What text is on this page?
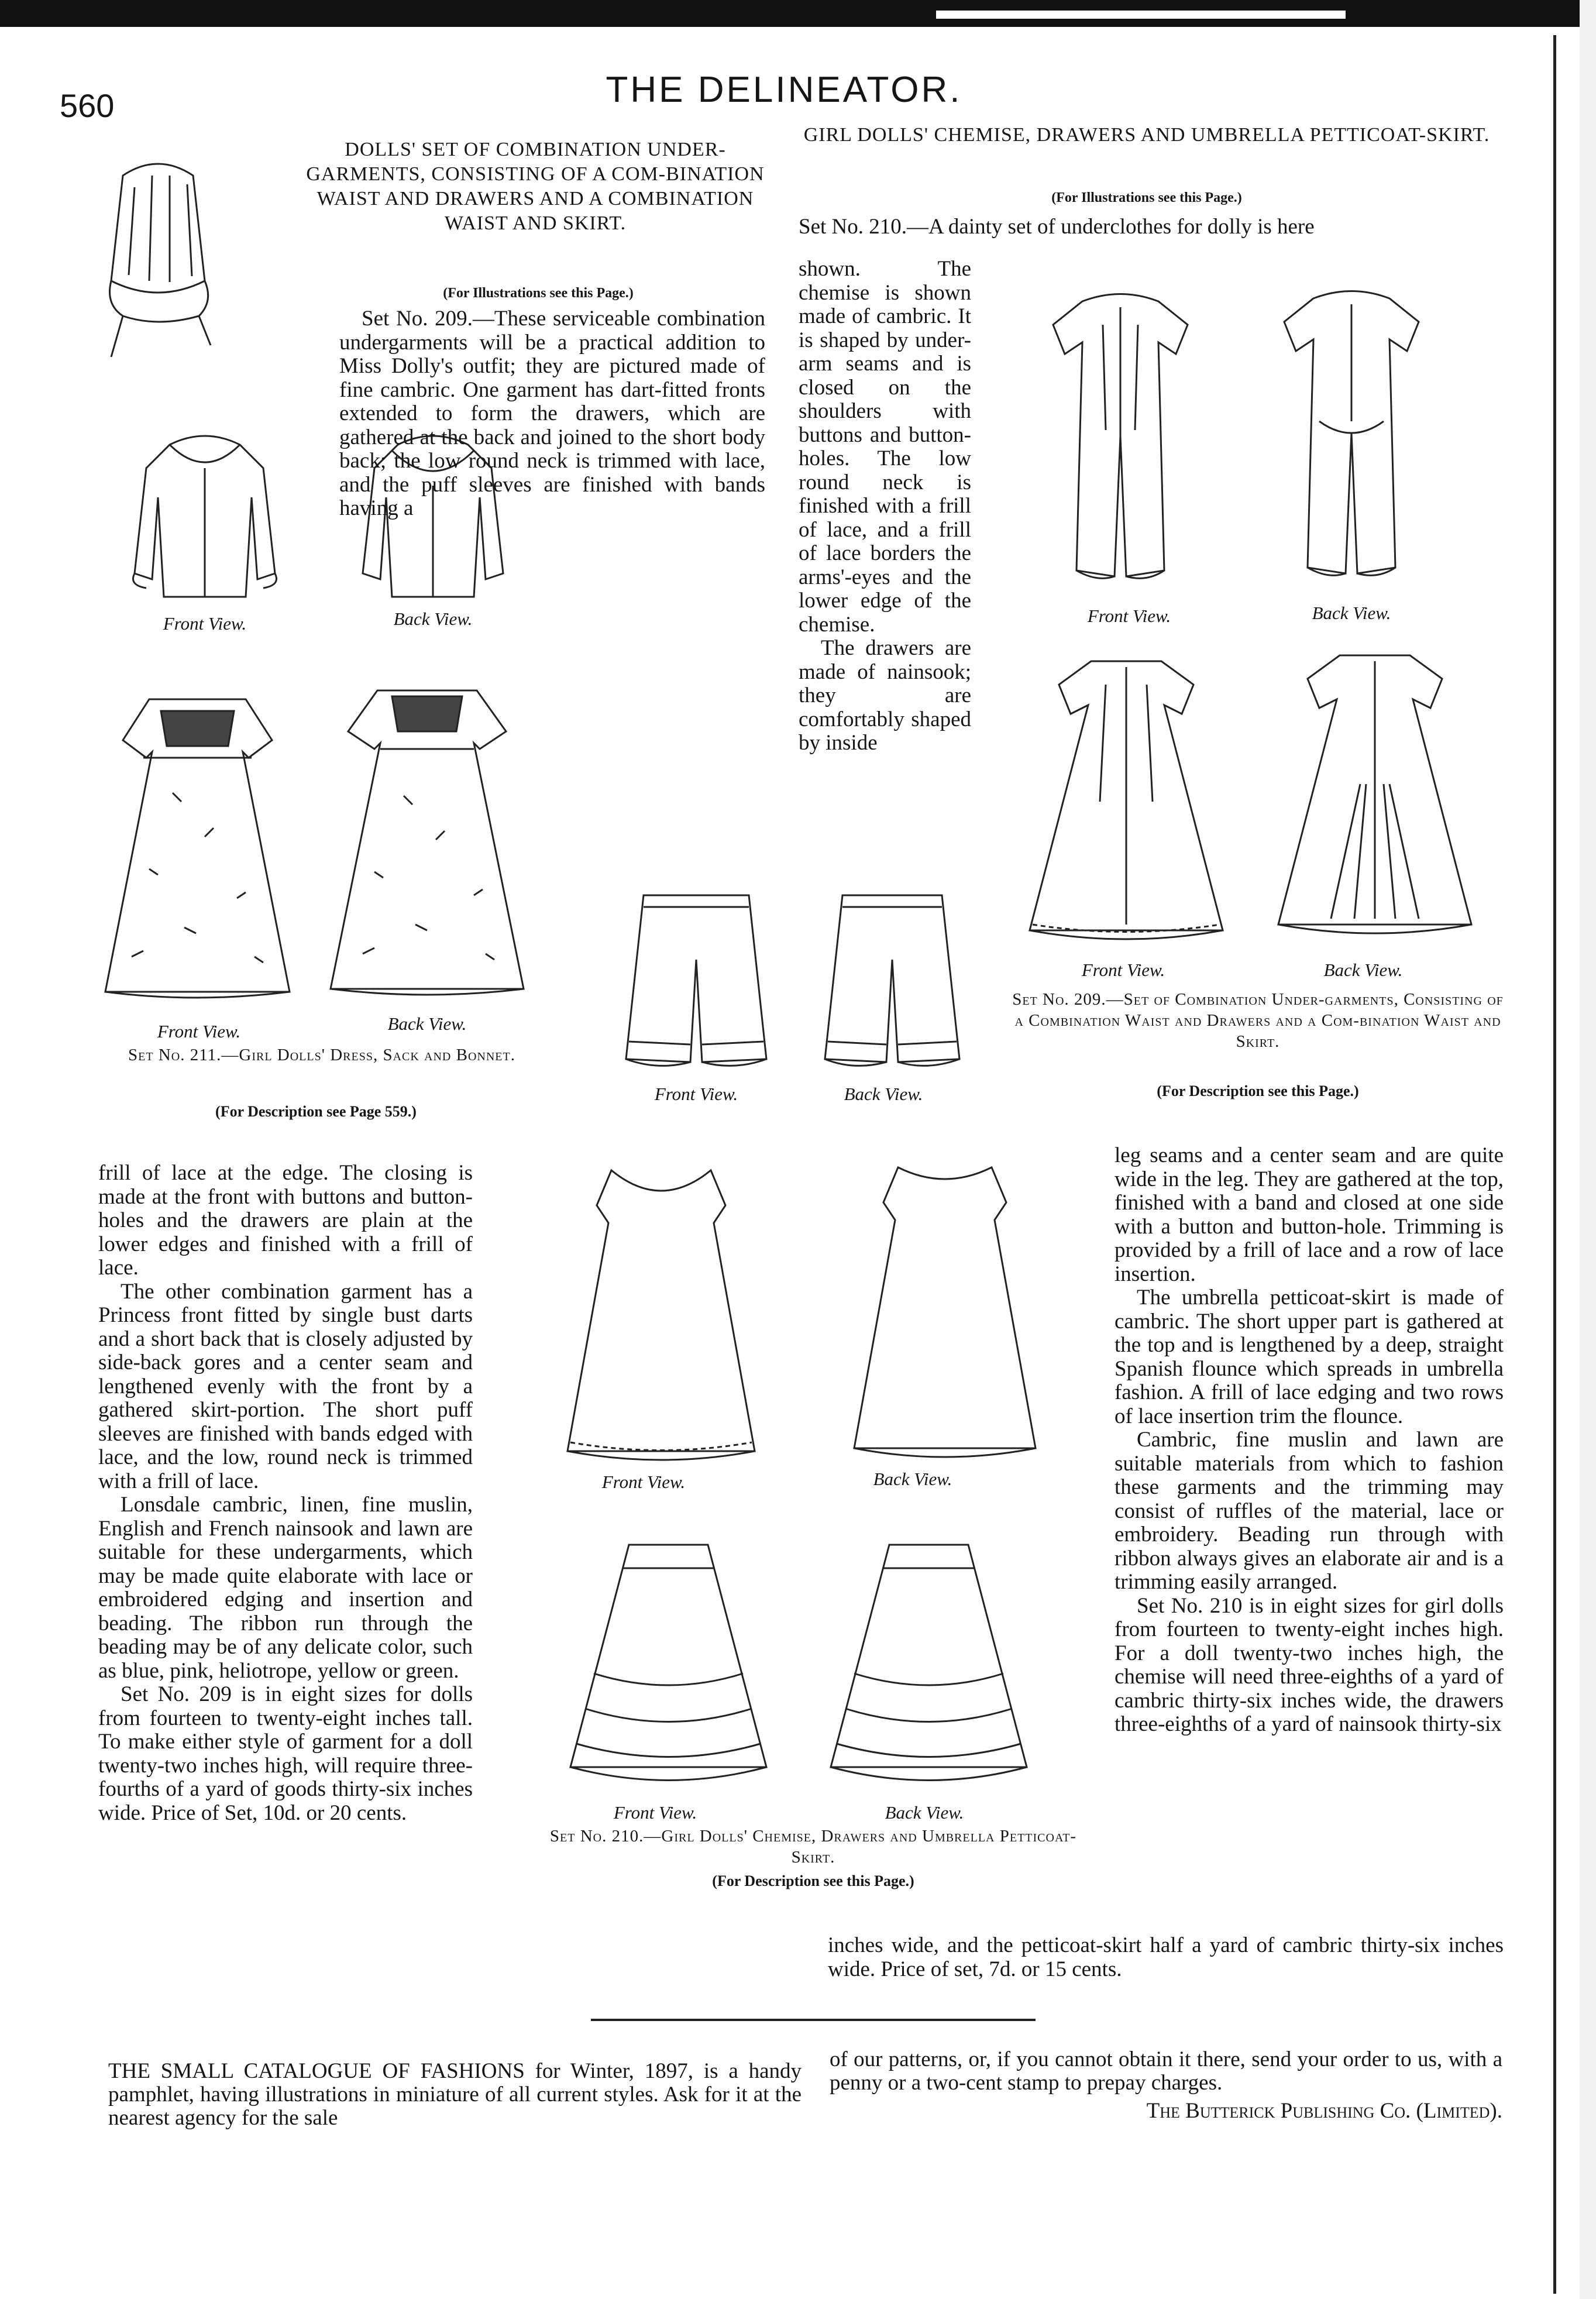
560	THE DELINEATOR.
DOLLS' SET OF COMBINATION UNDER-GARMENTS, CONSISTING OF A COM-BINATION WAIST AND DRAWERS AND A COMBINATION WAIST AND SKIRT.
(For Illustrations see this Page.)
Front View.	Back View.
Front View.	Back View.
Set No. 211.—Girl Dolls' Dress, Sack and Bonnet.
(For Description see Page 559.)

Set No. 209.—These serviceable combination undergarments will be a practical addition to Miss Dolly's outfit; they are pictured made of fine cambric. One garment has dart-fitted fronts extended to form the drawers, which are gathered at the back and joined to the short body back; the low round neck is trimmed with lace, and the puff sleeves are finished with bands having a

GIRL DOLLS' CHEMISE, DRAWERS AND UMBRELLA PETTICOAT-SKIRT.
(For Illustrations see this Page.)
Set No. 210.—A dainty set of underclothes for dolly is here

shown. The chemise is shown made of cambric. It is shaped by under-arm seams and is closed on the shoulders with buttons and button-holes. The low round neck is finished with a frill of lace, and a frill of lace borders the arms'-eyes and the lower edge of the chemise.

The drawers are made of nainsook; they are comfortably shaped by inside

Front View.	Back View.
Front View.	Back View.
Set No. 209.—Set of Combination Under-garments, Consisting of a Combination Waist and Drawers and a Com-bination Waist and Skirt.
(For Description see this Page.)
Front View.	Back View.

frill of lace at the edge. The closing is made at the front with buttons and button-holes and the drawers are plain at the lower edges and finished with a frill of lace.

The other combination garment has a Princess front fitted by single bust darts and a short back that is closely adjusted by side-back gores and a center seam and lengthened evenly with the front by a gathered skirt-portion. The short puff sleeves are finished with bands edged with lace, and the low, round neck is trimmed with a frill of lace.

Lonsdale cambric, linen, fine muslin, English and French nainsook and lawn are suitable for these undergarments, which may be made quite elaborate with lace or embroidered edging and insertion and beading. The ribbon run through the beading may be of any delicate color, such as blue, pink, heliotrope, yellow or green.

Set No. 209 is in eight sizes for dolls from fourteen to twenty-eight inches tall. To make either style of garment for a doll twenty-two inches high, will require three-fourths of a yard of goods thirty-six inches wide. Price of Set, 10d. or 20 cents.

Front View.	Back View.
Front View.	Back View.
Set No. 210.—Girl Dolls' Chemise, Drawers and Umbrella Petticoat-Skirt.
(For Description see this Page.)

leg seams and a center seam and are quite wide in the leg. They are gathered at the top, finished with a band and closed at one side with a button and button-hole. Trimming is provided by a frill of lace and a row of lace insertion.

The umbrella petticoat-skirt is made of cambric. The short upper part is gathered at the top and is lengthened by a deep, straight Spanish flounce which spreads in umbrella fashion. A frill of lace edging and two rows of lace insertion trim the flounce.

Cambric, fine muslin and lawn are suitable materials from which to fashion these garments and the trimming may consist of ruffles of the material, lace or embroidery. Beading run through with ribbon always gives an elaborate air and is a trimming easily arranged.

Set No. 210 is in eight sizes for girl dolls from fourteen to twenty-eight inches high. For a doll twenty-two inches high, the chemise will need three-eighths of a yard of cambric thirty-six inches wide, the drawers three-eighths of a yard of nainsook thirty-six

inches wide, and the petticoat-skirt half a yard of cambric thirty-six inches wide. Price of set, 7d. or 15 cents.
THE SMALL CATALOGUE OF FASHIONS for Winter, 1897, is a handy pamphlet, having illustrations in miniature of all current styles. Ask for it at the nearest agency for the sale
of our patterns, or, if you cannot obtain it there, send your order to us, with a penny or a two-cent stamp to prepay charges.
The Butterick Publishing Co. (Limited).
